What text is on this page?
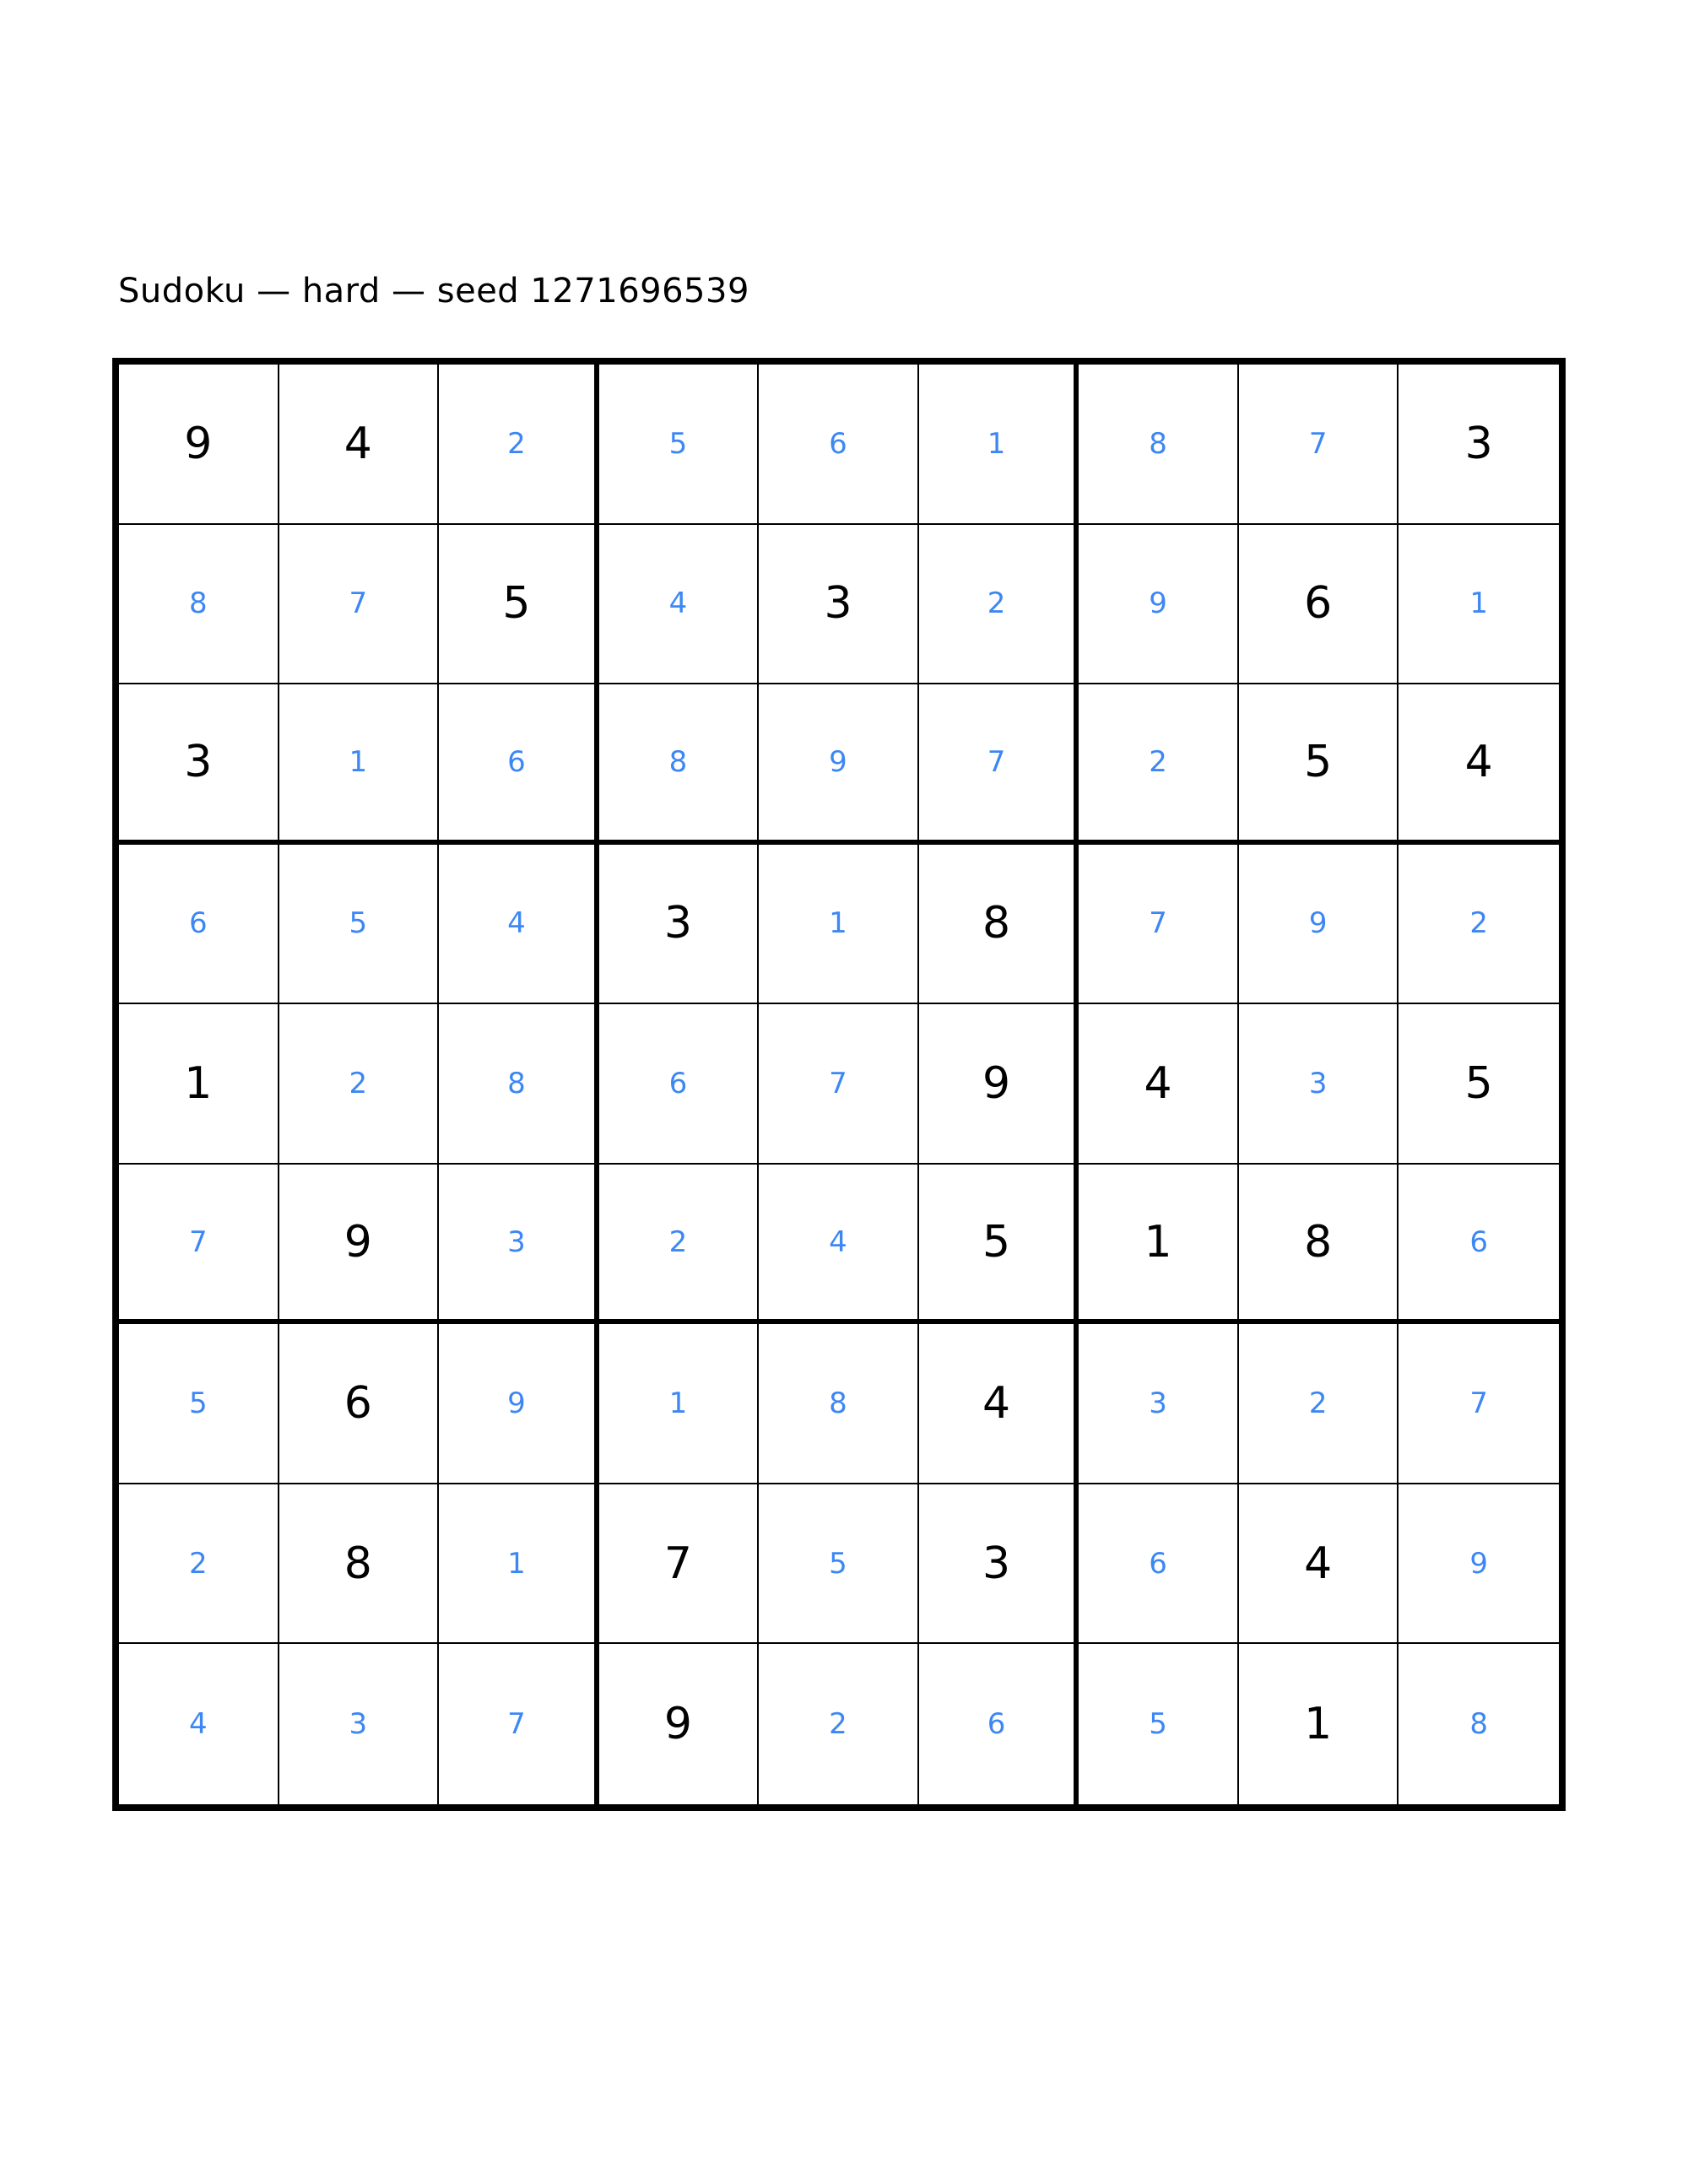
Sudoku — hard — seed 1271696539
9	4	2	5	6	1	8	7	3
8	7	5	4	3	2	9	6	1
3	1	6	8	9	7	2	5	4
6	5	4	3	1	8	7	9	2
1	2	8	6	7	9	4	3	5
7	9	3	2	4	5	1	8	6
5	6	9	1	8	4	3	2	7
2	8	1	7	5	3	6	4	9
4	3	7	9	2	6	5	1	8
